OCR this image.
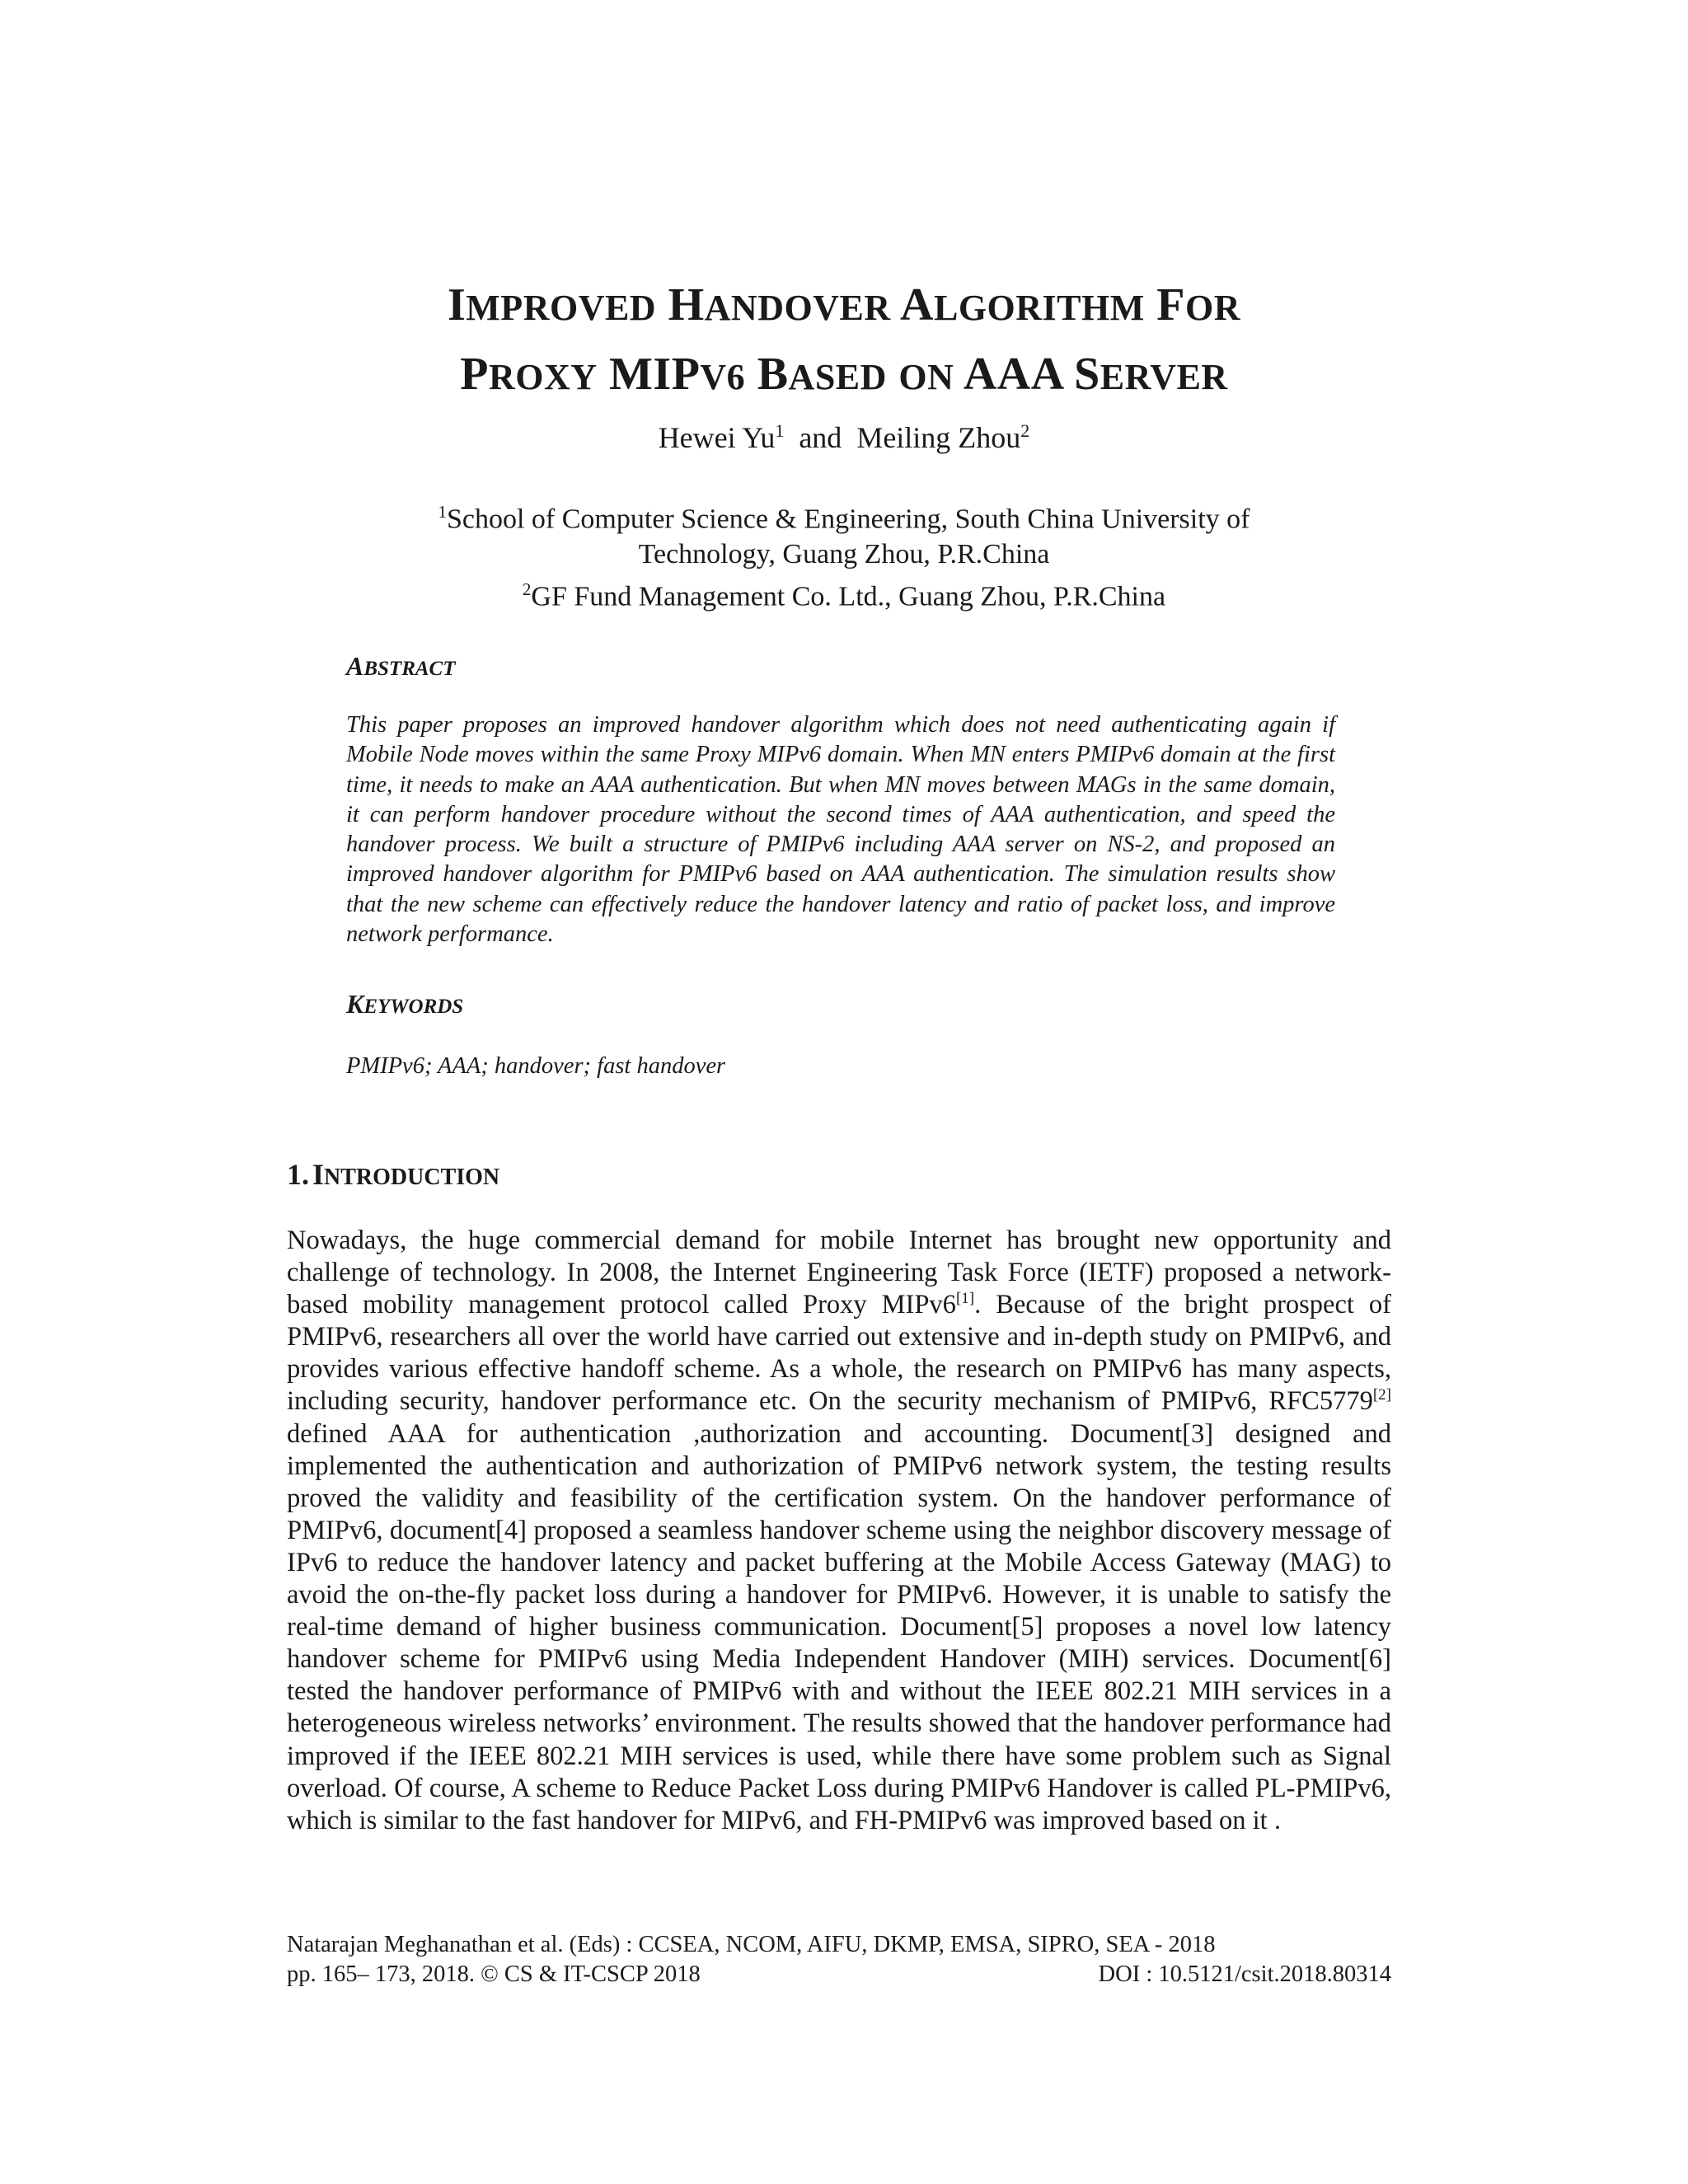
IMPROVED HANDOVER ALGORITHM FOR
PROXY MIPV6 BASED ON AAA SERVER
Hewei Yu$^1$ and Meiling Zhou$^2$
$^1$School of Computer Science & Engineering, South China University of
Technology, Guang Zhou, P.R.China
$^2$GF Fund Management Co. Ltd., Guang Zhou, P.R.China
ABSTRACT
This paper proposes an improved handover algorithm which does not need authenticating again if Mobile Node moves within the same Proxy MIPv6 domain. When MN enters PMIPv6 domain at the first time, it needs to make an AAA authentication. But when MN moves between MAGs in the same domain, it can perform handover procedure without the second times of AAA authentication, and speed the handover process. We built a structure of PMIPv6 including AAA server on NS-2, and proposed an improved handover algorithm for PMIPv6 based on AAA authentication. The simulation results show that the new scheme can effectively reduce the handover latency and ratio of packet loss, and improve network performance.
KEYWORDS
PMIPv6; AAA; handover; fast handover
1. INTRODUCTION
Nowadays, the huge commercial demand for mobile Internet has brought new opportunity and challenge of technology. In 2008, the Internet Engineering Task Force (IETF) proposed a network-based mobility management protocol called Proxy MIPv6[1]. Because of the bright prospect of PMIPv6, researchers all over the world have carried out extensive and in-depth study on PMIPv6, and provides various effective handoff scheme. As a whole, the research on PMIPv6 has many aspects, including security, handover performance etc. On the security mechanism of PMIPv6, RFC5779[2] defined AAA for authentication ,authorization and accounting. Document[3] designed and implemented the authentication and authorization of PMIPv6 network system, the testing results proved the validity and feasibility of the certification system. On the handover performance of PMIPv6, document[4] proposed a seamless handover scheme using the neighbor discovery message of IPv6 to reduce the handover latency and packet buffering at the Mobile Access Gateway (MAG) to avoid the on-the-fly packet loss during a handover for PMIPv6. However, it is unable to satisfy the real-time demand of higher business communication. Document[5] proposes a novel low latency handover scheme for PMIPv6 using Media Independent Handover (MIH) services. Document[6] tested the handover performance of PMIPv6 with and without the IEEE 802.21 MIH services in a heterogeneous wireless networks’ environment. The results showed that the handover performance had improved if the IEEE 802.21 MIH services is used, while there have some problem such as Signal overload. Of course, A scheme to Reduce Packet Loss during PMIPv6 Handover is called PL-PMIPv6, which is similar to the fast handover for MIPv6, and FH-PMIPv6 was improved based on it .
Natarajan Meghanathan et al. (Eds) : CCSEA, NCOM, AIFU, DKMP, EMSA, SIPRO, SEA - 2018
pp. 165– 173, 2018. © CS & IT-CSCP 2018	DOI : 10.5121/csit.2018.80314
